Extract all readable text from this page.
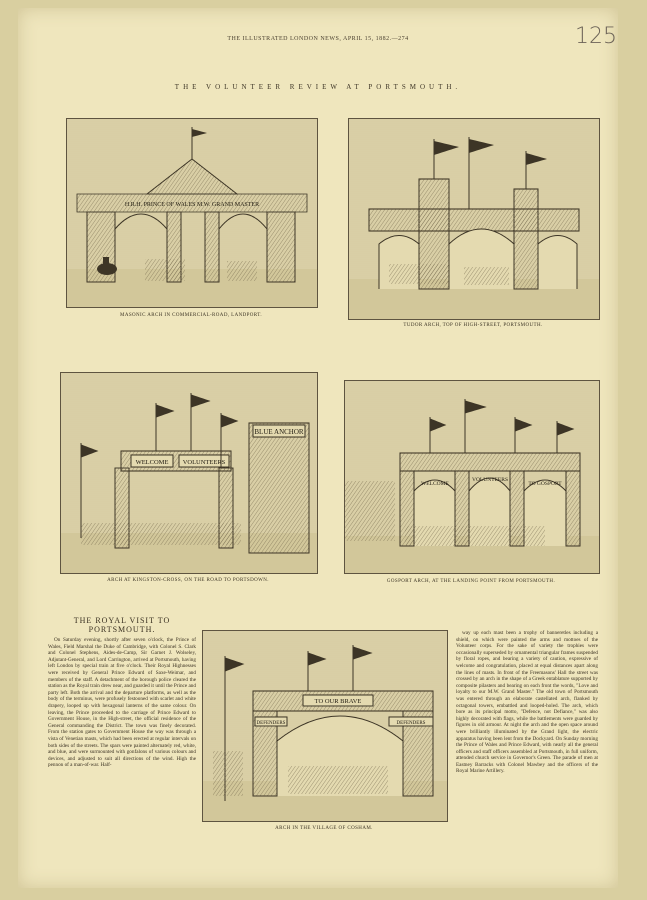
THE ILLUSTRATED LONDON NEWS, APRIL 15, 1882.—274	125
THE VOLUNTEER REVIEW AT PORTSMOUTH.
H.R.H. PRINCE OF WALES M.W. GRAND MASTER
MASONIC ARCH IN COMMERCIAL-ROAD, LANDPORT.
TUDOR ARCH, TOP OF HIGH-STREET, PORTSMOUTH.
BLUE ANCHOR
WELCOME VOLUNTEERS
ARCH AT KINGSTON-CROSS, ON THE ROAD TO PORTSDOWN.
WELCOME
VOLUNTEERS
TO GOSPORT
GOSPORT ARCH, AT THE LANDING POINT FROM PORTSMOUTH.
THE ROYAL VISIT TO PORTSMOUTH.

On Saturday evening, shortly after seven o'clock, the Prince of Wales, Field Marshal the Duke of Cambridge, with Colonel S. Clark and Colonel Stephens, Aides-de-Camp, Sir Garnet J. Wolseley, Adjutant-General, and Lord Carrington, arrived at Portsmouth, having left London by special train at five o'clock. Their Royal Highnesses were received by General Prince Edward of Saxe-Weimar, and members of the staff. A detachment of the borough police cleared the station as the Royal train drew near, and guarded it until the Prince and party left. Both the arrival and the departure platforms, as well as the body of the terminus, were profusely festooned with scarlet and white drapery, looped up with hexagonal lanterns of the same colour. On leaving, the Prince proceeded to the carriage of Prince Edward to Government House, in the High-street, the official residence of the General commanding the District. The town was finely decorated. From the station gates to Government House the way was through a vista of Venetian masts, which had been erected at regular intervals on both sides of the streets. The spars were painted alternately red, white, and blue, and were surmounted with gonfalons of various colours and devices, and adjusted to suit all directions of the wind. High the pennon of a man-of-war. Half-

TO OUR BRAVE
DEFENDERS	DEFENDERS
ARCH IN THE VILLAGE OF COSHAM.

way up each mast been a trophy of banneretles including a shield, on which were painted the arms and mottoes of the Volunteer corps. For the sake of variety the trophies were occasionally superseded by ornamental triangular frames suspended by floral ropes, and bearing a variety of caution, expressive of welcome and congratulation, placed at equal distances apart along the lines of masts. In front of the Freemasons' Hall the street was crossed by an arch in the shape of a Greek entablature supported by composite pilasters and bearing on each front the words, "Love and loyalty to our M.W. Grand Master." The old town of Portsmouth was entered through an elaborate castellated arch, flanked by octagonal towers, embattled and looped-holed. The arch, which bore as its principal motto, "Defence, not Defiance," was also highly decorated with flags, while the battlements were guarded by figures in old armour. At night the arch and the open space around were brilliantly illuminated by the Grand light, the electric apparatus having been lent from the Dockyard. On Sunday morning the Prince of Wales and Prince Edward, with nearly all the general officers and staff officers assembled at Portsmouth, in full uniform, attended church service in Governor's Green. The parade of men at Eastney Barracks with Colonel Mawbey and the officers of the Royal Marine Artillery.
